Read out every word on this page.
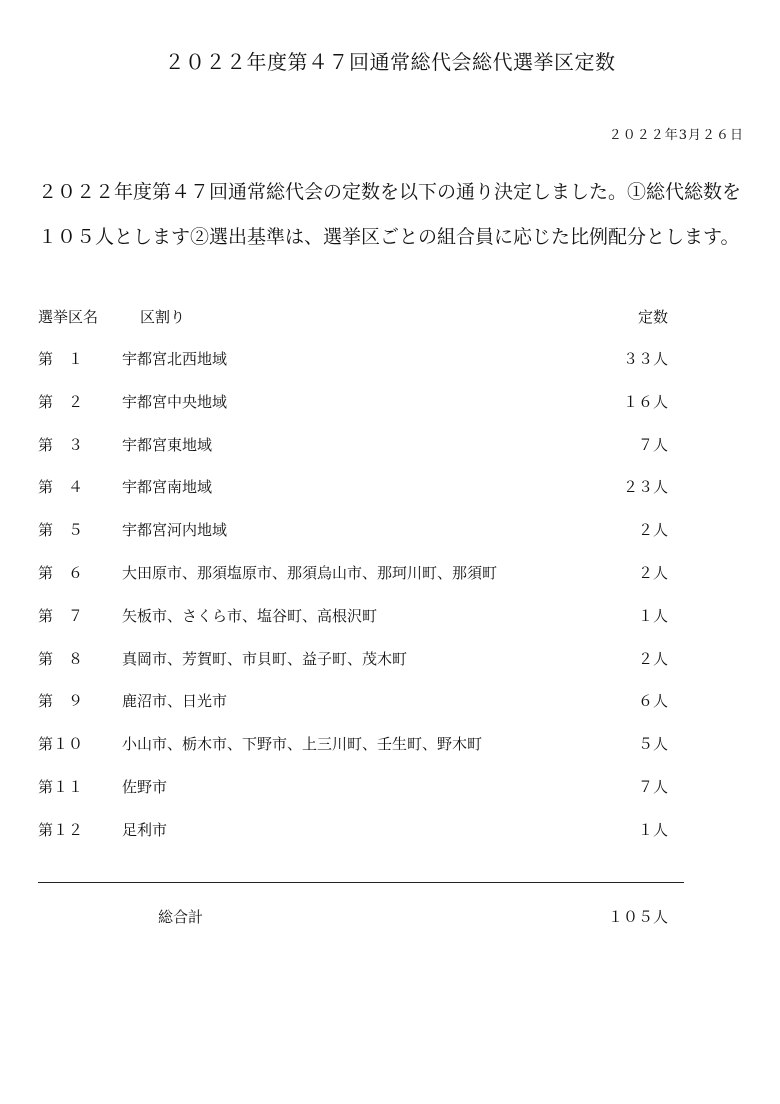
２０２２年度第４７回通常総代会総代選挙区定数
２０２２年3月２６日
２０２２年度第４７回通常総代会の定数を以下の通り決定しました。①総代総数を１０５人とします②選出基準は、選挙区ごとの組合員に応じた比例配分とします。
選挙区名	区割り	定数
第　１	宇都宮北西地域	３３人
第　２	宇都宮中央地域	１６人
第　３	宇都宮東地域	７人
第　４	宇都宮南地域	２３人
第　５	宇都宮河内地域	２人
第　６	大田原市、那須塩原市、那須烏山市、那珂川町、那須町	２人
第　７	矢板市、さくら市、塩谷町、高根沢町	１人
第　８	真岡市、芳賀町、市貝町、益子町、茂木町	２人
第　９	鹿沼市、日光市	６人
第１０	小山市、栃木市、下野市、上三川町、壬生町、野木町	５人
第１１	佐野市	７人
第１２	足利市	１人
総合計	１０５人
